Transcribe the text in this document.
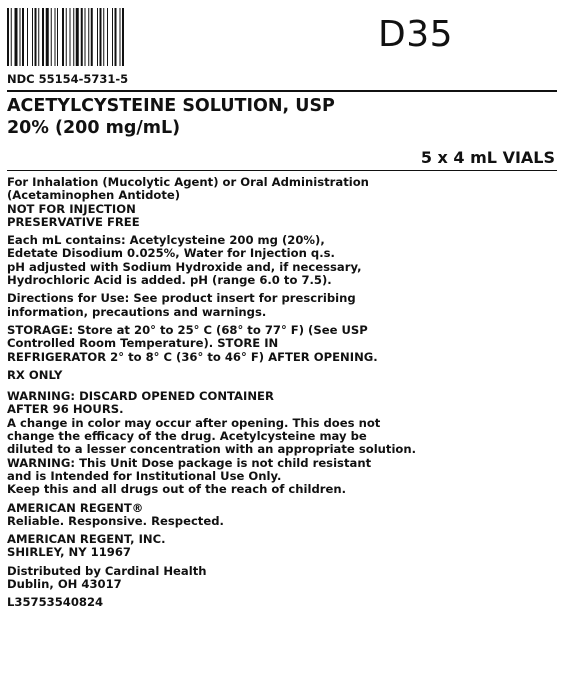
D35
NDC 55154-5731-5
ACETYLCYSTEINE SOLUTION, USP
20% (200 mg/mL)
5 x 4 mL VIALS

For Inhalation (Mucolytic Agent) or Oral Administration
(Acetaminophen Antidote)
NOT FOR INJECTION
PRESERVATIVE FREE

Each mL contains: Acetylcysteine 200 mg (20%),
Edetate Disodium 0.025%, Water for Injection q.s.
pH adjusted with Sodium Hydroxide and, if necessary,
Hydrochloric Acid is added. pH (range 6.0 to 7.5).

Directions for Use: See product insert for prescribing
information, precautions and warnings.

STORAGE: Store at 20° to 25° C (68° to 77° F) (See USP
Controlled Room Temperature). STORE IN
REFRIGERATOR 2° to 8° C (36° to 46° F) AFTER OPENING.

RX ONLY

WARNING: DISCARD OPENED CONTAINER
AFTER 96 HOURS.
A change in color may occur after opening. This does not
change the efficacy of the drug. Acetylcysteine may be
diluted to a lesser concentration with an appropriate solution.
WARNING: This Unit Dose package is not child resistant
and is Intended for Institutional Use Only.
Keep this and all drugs out of the reach of children.

AMERICAN REGENT®
Reliable. Responsive. Respected.

AMERICAN REGENT, INC.
SHIRLEY, NY 11967

Distributed by Cardinal Health
Dublin, OH 43017

L35753540824
